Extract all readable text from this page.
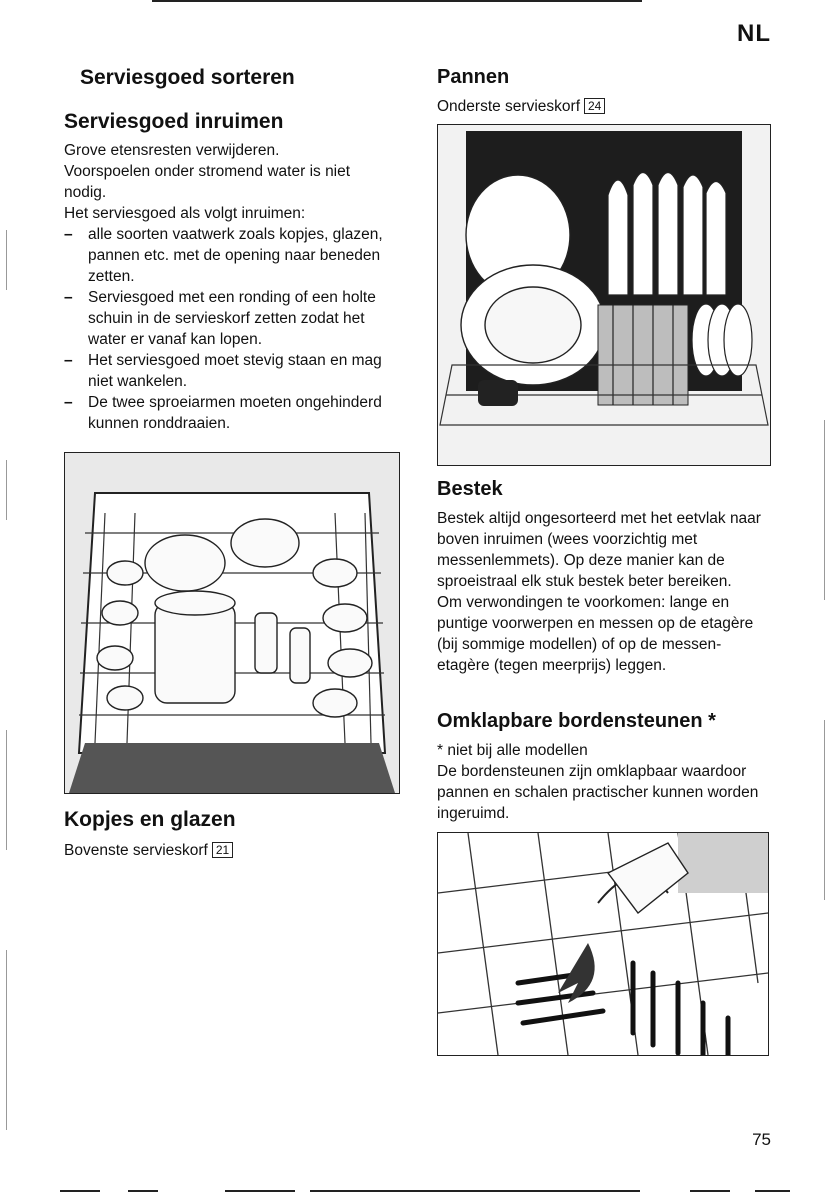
NL
Serviesgoed sorteren
Serviesgoed inruimen
Grove etensresten verwijderen.
Voorspoelen onder stromend water is niet nodig.
Het serviesgoed als volgt inruimen:
– alle soorten vaatwerk zoals kopjes, glazen, pannen etc. met de opening naar beneden zetten.
– Serviesgoed met een ronding of een holte schuin in de servieskorf zetten zodat het water er vanaf kan lopen.
– Het serviesgoed moet stevig staan en mag niet wankelen.
– De twee sproeiarmen moeten ongehinderd kunnen ronddraaien.
Kopjes en glazen
Bovenste servieskorf 21
Pannen
Onderste servieskorf 24
Bestek
Bestek altijd ongesorteerd met het eetvlak naar boven inruimen (wees voorzichtig met messenlemmets). Op deze manier kan de sproeistraal elk stuk bestek beter bereiken.
Om verwondingen te voorkomen: lange en puntige voorwerpen en messen op de etagère (bij sommige modellen) of op de messen-etagère (tegen meerprijs) leggen.
Omklapbare bordensteunen *
* niet bij alle modellen
De bordensteunen zijn omklapbaar waardoor pannen en schalen practischer kunnen worden ingeruimd.
75
